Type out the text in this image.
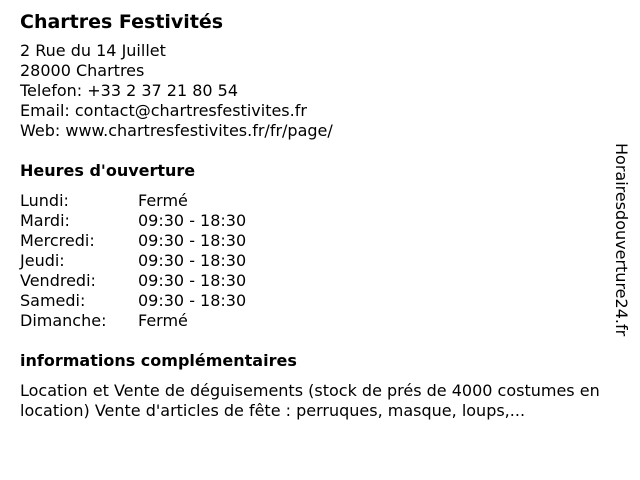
Chartres Festivités
2 Rue du 14 Juillet
28000 Chartres
Telefon: +33 2 37 21 80 54
Email: contact@chartresfestivites.fr
Web: www.chartresfestivites.fr/fr/page/
Heures d'ouverture
Lundi:	Fermé
Mardi:	09:30 - 18:30
Mercredi:	09:30 - 18:30
Jeudi:	09:30 - 18:30
Vendredi:	09:30 - 18:30
Samedi:	09:30 - 18:30
Dimanche:	Fermé
informations complémentaires
Location et Vente de déguisements (stock de prés de 4000 costumes en location) Vente d'articles de fête : perruques, masque, loups,...
Horairesdouverture24.fr
